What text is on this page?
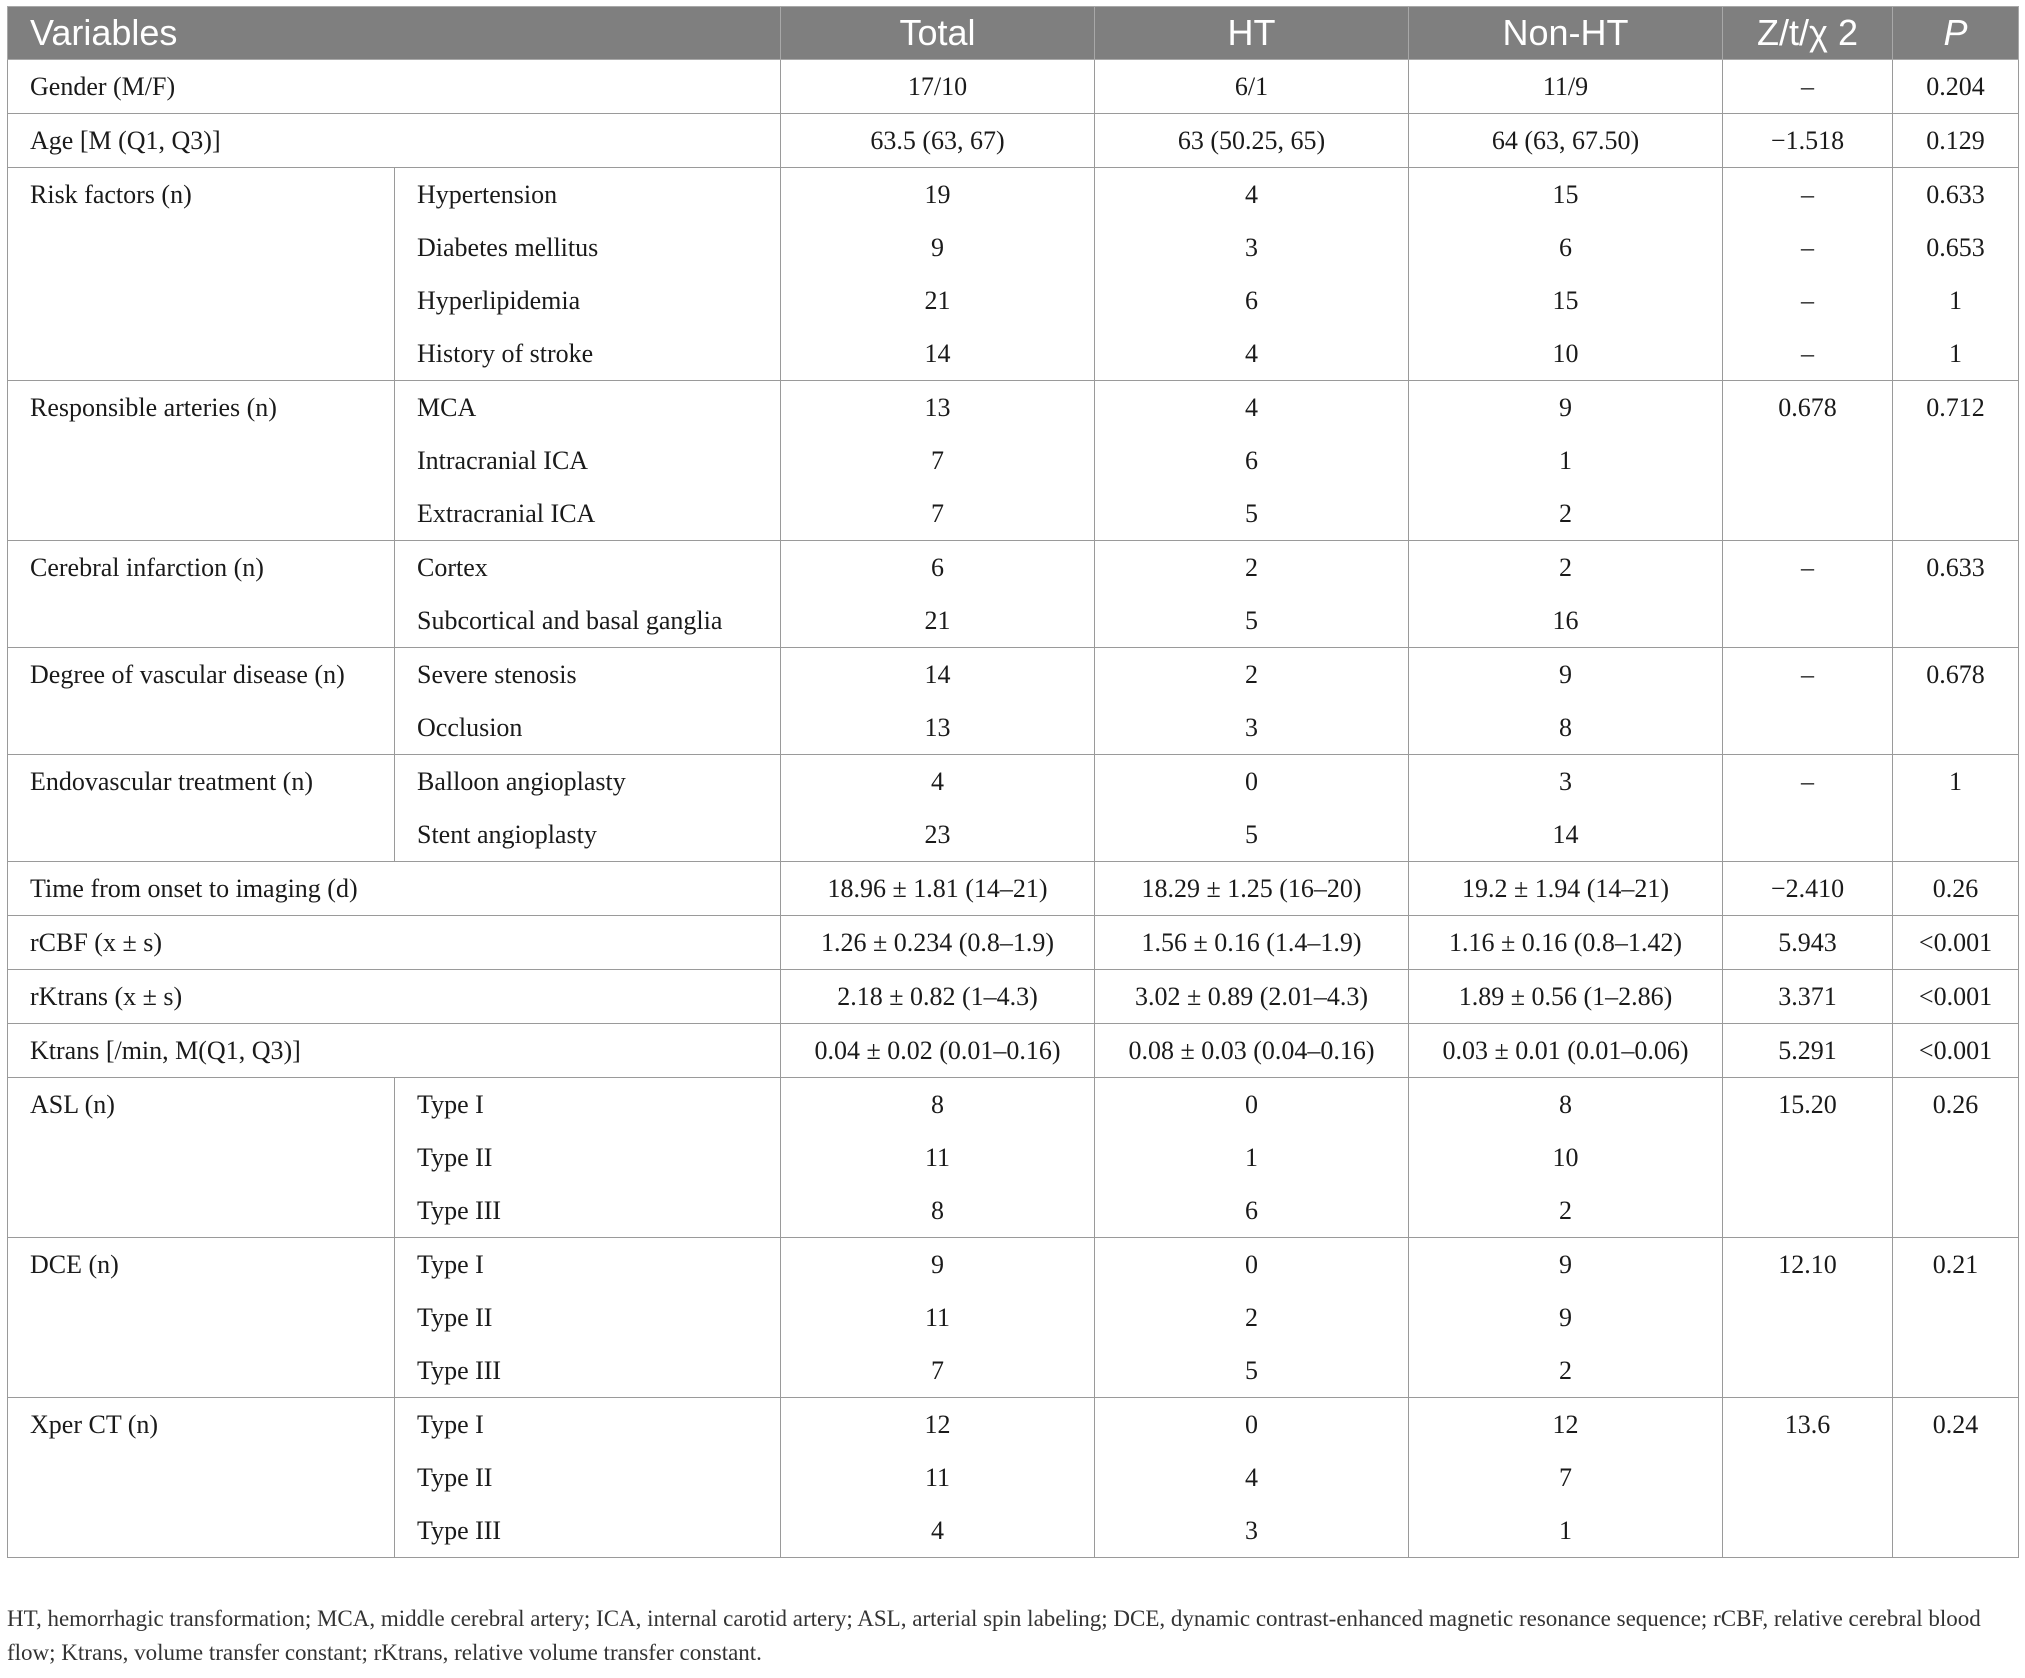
Variables		Total	HT	Non-HT	Z/t/χ 2	P
Gender (M/F)		17/10	6/1	11/9	–	0.204
Age [M (Q1, Q3)]		63.5 (63, 67)	63 (50.25, 65)	64 (63, 67.50)	−1.518	0.129
Risk factors (n)	Hypertension	19	4	15	–	0.633
	Diabetes mellitus	9	3	6	–	0.653
	Hyperlipidemia	21	6	15	–	1
	History of stroke	14	4	10	–	1
Responsible arteries (n)	MCA	13	4	9	0.678	0.712
	Intracranial ICA	7	6	1		
	Extracranial ICA	7	5	2		
Cerebral infarction (n)	Cortex	6	2	2	–	0.633
	Subcortical and basal ganglia	21	5	16		
Degree of vascular disease (n)	Severe stenosis	14	2	9	–	0.678
	Occlusion	13	3	8		
Endovascular treatment (n)	Balloon angioplasty	4	0	3	–	1
	Stent angioplasty	23	5	14		
Time from onset to imaging (d)		18.96 ± 1.81 (14–21)	18.29 ± 1.25 (16–20)	19.2 ± 1.94 (14–21)	−2.410	0.26
rCBF (x ± s)		1.26 ± 0.234 (0.8–1.9)	1.56 ± 0.16 (1.4–1.9)	1.16 ± 0.16 (0.8–1.42)	5.943	<0.001
rKtrans (x ± s)		2.18 ± 0.82 (1–4.3)	3.02 ± 0.89 (2.01–4.3)	1.89 ± 0.56 (1–2.86)	3.371	<0.001
Ktrans [/min, M(Q1, Q3)]		0.04 ± 0.02 (0.01–0.16)	0.08 ± 0.03 (0.04–0.16)	0.03 ± 0.01 (0.01–0.06)	5.291	<0.001
ASL (n)	Type I	8	0	8	15.20	0.26
	Type II	11	1	10		
	Type III	8	6	2		
DCE (n)	Type I	9	0	9	12.10	0.21
	Type II	11	2	9		
	Type III	7	5	2		
Xper CT (n)	Type I	12	0	12	13.6	0.24
	Type II	11	4	7		
	Type III	4	3	1		
HT, hemorrhagic transformation; MCA, middle cerebral artery; ICA, internal carotid artery; ASL, arterial spin labeling; DCE, dynamic contrast-enhanced magnetic resonance sequence; rCBF, relative cerebral blood flow; Ktrans, volume transfer constant; rKtrans, relative volume transfer constant.
